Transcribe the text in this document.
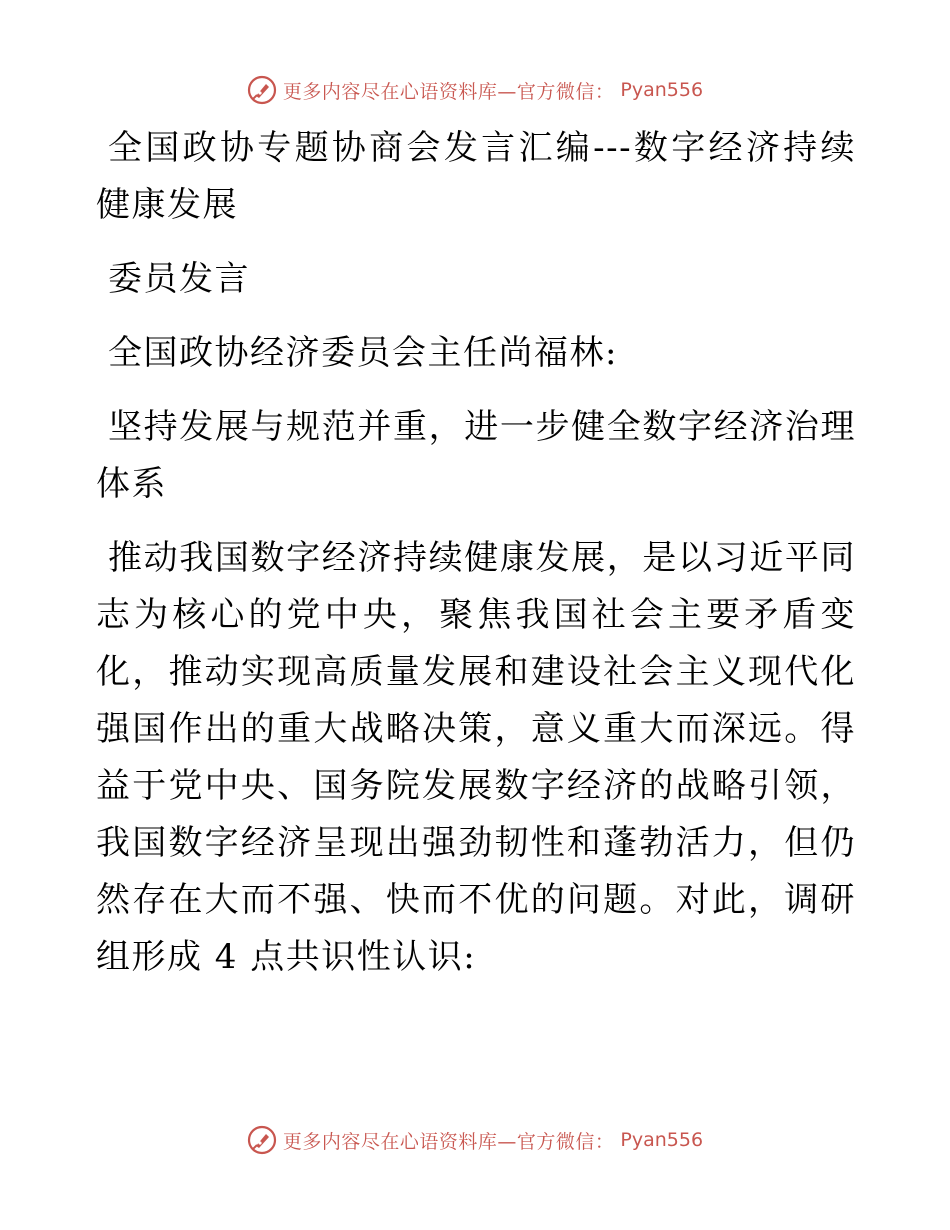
更多内容尽在心语资料库—官方微信： Pyan556

全国政协专题协商会发言汇编---数字经济持续健康发展

委员发言

全国政协经济委员会主任尚福林:

坚持发展与规范并重，进一步健全数字经济治理体系

推动我国数字经济持续健康发展，是以习近平同志为核心的党中央，聚焦我国社会主要矛盾变化，推动实现高质量发展和建设社会主义现代化强国作出的重大战略决策，意义重大而深远。得益于党中央、国务院发展数字经济的战略引领，我国数字经济呈现出强劲韧性和蓬勃活力，但仍然存在大而不强、快而不优的问题。对此，调研组形成 4 点共识性认识:

更多内容尽在心语资料库—官方微信： Pyan556
